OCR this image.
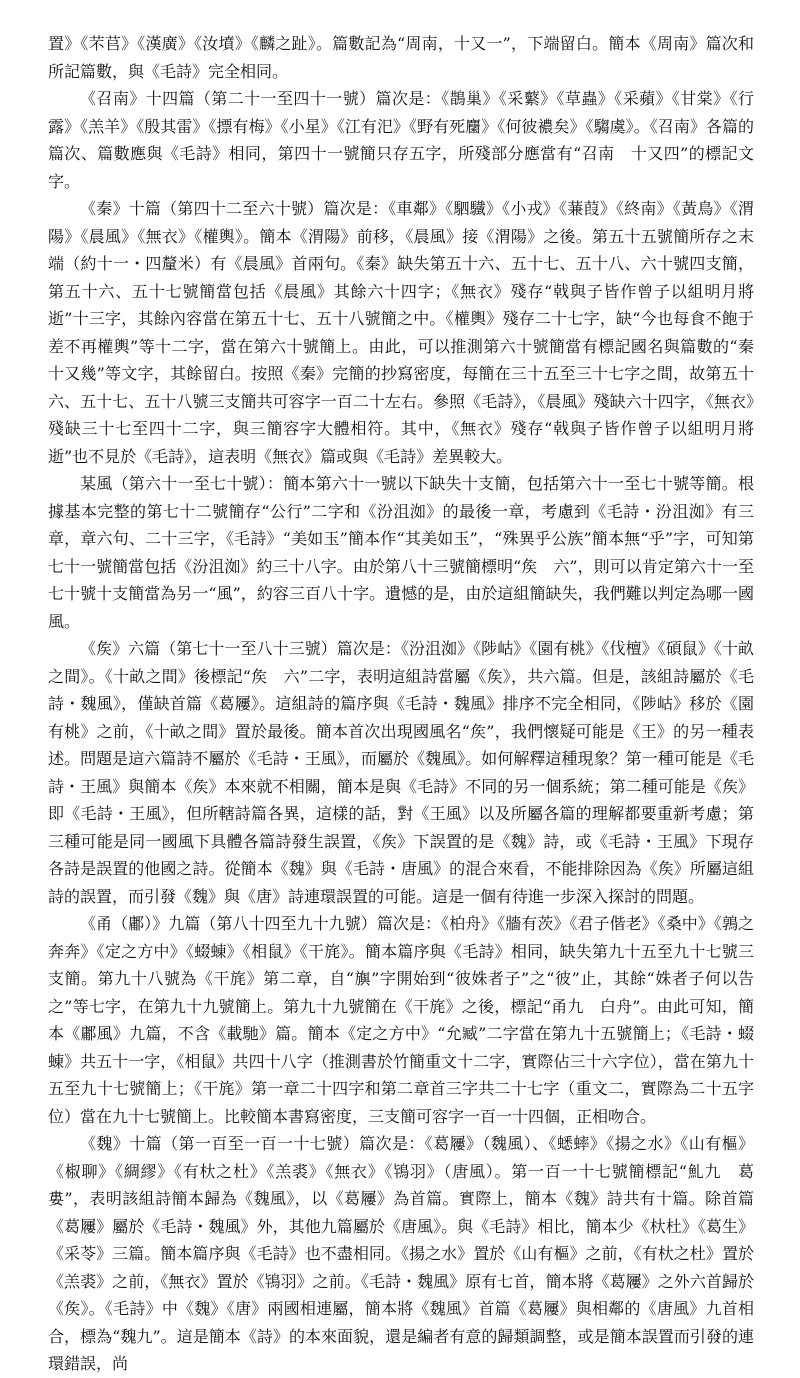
置》《芣苢》《漢廣》《汝墳》《麟之趾》。篇數記為“周南，十又一”，下端留白。簡本《周南》篇次和所記篇數，與《毛詩》完全相同。

《召南》十四篇（第二十一至四十一號）篇次是：《鵲巢》《采蘩》《草蟲》《采蘋》《甘棠》《行露》《羔羊》《殷其雷》《摽有梅》《小星》《江有汜》《野有死麕》《何彼襛矣》《騶虞》。《召南》各篇的篇次、篇數應與《毛詩》相同，第四十一號簡只存五字，所殘部分應當有“召南　十又四”的標記文字。

《秦》十篇（第四十二至六十號）篇次是：《車鄰》《駟驖》《小戎》《蒹葭》《終南》《黃鳥》《渭陽》《晨風》《無衣》《權輿》。簡本《渭陽》前移，《晨風》接《渭陽》之後。第五十五號簡所存之末端（約十一・四釐米）有《晨風》首兩句。《秦》缺失第五十六、五十七、五十八、六十號四支簡，第五十六、五十七號簡當包括《晨風》其餘六十四字；《無衣》殘存“戟與子皆作曾子以組明月將逝”十三字，其餘內容當在第五十七、五十八號簡之中。《權輿》殘存二十七字，缺“今也每食不飽于差不再權輿”等十二字，當在第六十號簡上。由此，可以推測第六十號簡當有標記國名與篇數的“秦　十又幾”等文字，其餘留白。按照《秦》完簡的抄寫密度，每簡在三十五至三十七字之間，故第五十六、五十七、五十八號三支簡共可容字一百二十左右。參照《毛詩》，《晨風》殘缺六十四字，《無衣》殘缺三十七至四十二字，與三簡容字大體相符。其中，《無衣》殘存“戟與子皆作曾子以組明月將逝”也不見於《毛詩》，這表明《無衣》篇或與《毛詩》差異較大。

某風（第六十一至七十號）：簡本第六十一號以下缺失十支簡，包括第六十一至七十號等簡。根據基本完整的第七十二號簡存“公行”二字和《汾沮洳》的最後一章，考慮到《毛詩・汾沮洳》有三章，章六句、二十三字，《毛詩》“美如玉”簡本作“其美如玉”，“殊異乎公族”簡本無“乎”字，可知第七十一號簡當包括《汾沮洳》約三十八字。由於第八十三號簡標明“矦　六”，則可以肯定第六十一至七十號十支簡當為另一“風”，約容三百八十字。遺憾的是，由於這組簡缺失，我們難以判定為哪一國風。

《矦》六篇（第七十一至八十三號）篇次是：《汾沮洳》《陟岵》《園有桃》《伐檀》《碩鼠》《十畝之間》。《十畝之間》後標記“矦　六”二字，表明這組詩當屬《矦》，共六篇。但是，該組詩屬於《毛詩・魏風》，僅缺首篇《葛屨》。這組詩的篇序與《毛詩・魏風》排序不完全相同，《陟岵》移於《園有桃》之前，《十畝之間》置於最後。簡本首次出現國風名“矦”，我們懷疑可能是《王》的另一種表述。問題是這六篇詩不屬於《毛詩・王風》，而屬於《魏風》。如何解釋這種現象？第一種可能是《毛詩・王風》與簡本《矦》本來就不相關，簡本是與《毛詩》不同的另一個系統；第二種可能是《矦》即《毛詩・王風》，但所轄詩篇各異，這樣的話，對《王風》以及所屬各篇的理解都要重新考慮；第三種可能是同一國風下具體各篇詩發生誤置，《矦》下誤置的是《魏》詩，或《毛詩・王風》下現存各詩是誤置的他國之詩。從簡本《魏》與《毛詩・唐風》的混合來看，不能排除因為《矦》所屬這組詩的誤置，而引發《魏》與《唐》詩連環誤置的可能。這是一個有待進一步深入探討的問題。

《甬（鄘）》九篇（第八十四至九十九號）篇次是：《柏舟》《牆有茨》《君子偕老》《桑中》《鶉之奔奔》《定之方中》《蝃蝀》《相鼠》《干旄》。簡本篇序與《毛詩》相同，缺失第九十五至九十七號三支簡。第九十八號為《干旄》第二章，自“旟”字開始到“彼姝者子”之“彼”止，其餘“姝者子何以告之”等七字，在第九十九號簡上。第九十九號簡在《干旄》之後，標記“甬九　白舟”。由此可知，簡本《鄘風》九篇，不含《載馳》篇。簡本《定之方中》“允臧”二字當在第九十五號簡上；《毛詩・蝃蝀》共五十一字，《相鼠》共四十八字（推測書於竹簡重文十二字，實際佔三十六字位），當在第九十五至九十七號簡上；《干旄》第一章二十四字和第二章首三字共二十七字（重文二，實際為二十五字位）當在九十七號簡上。比較簡本書寫密度，三支簡可容字一百一十四個，正相吻合。

《魏》十篇（第一百至一百一十七號）篇次是：《葛屨》（魏風）、《蟋蟀》《揚之水》《山有樞》《椒聊》《綢繆》《有杕之杜》《羔裘》《無衣》《鴇羽》（唐風）。第一百一十七號簡標記“䰲九　葛婁”，表明該組詩簡本歸為《魏風》，以《葛屨》為首篇。實際上，簡本《魏》詩共有十篇。除首篇《葛屨》屬於《毛詩・魏風》外，其他九篇屬於《唐風》。與《毛詩》相比，簡本少《杕杜》《葛生》《采苓》三篇。簡本篇序與《毛詩》也不盡相同。《揚之水》置於《山有樞》之前，《有杕之杜》置於《羔裘》之前，《無衣》置於《鴇羽》之前。《毛詩・魏風》原有七首，簡本將《葛屨》之外六首歸於《矦》。《毛詩》中《魏》《唐》兩國相連屬，簡本將《魏風》首篇《葛屨》與相鄰的《唐風》九首相合，標為“魏九”。這是簡本《詩》的本來面貌，還是編者有意的歸類調整，或是簡本誤置而引發的連環錯誤，尚
